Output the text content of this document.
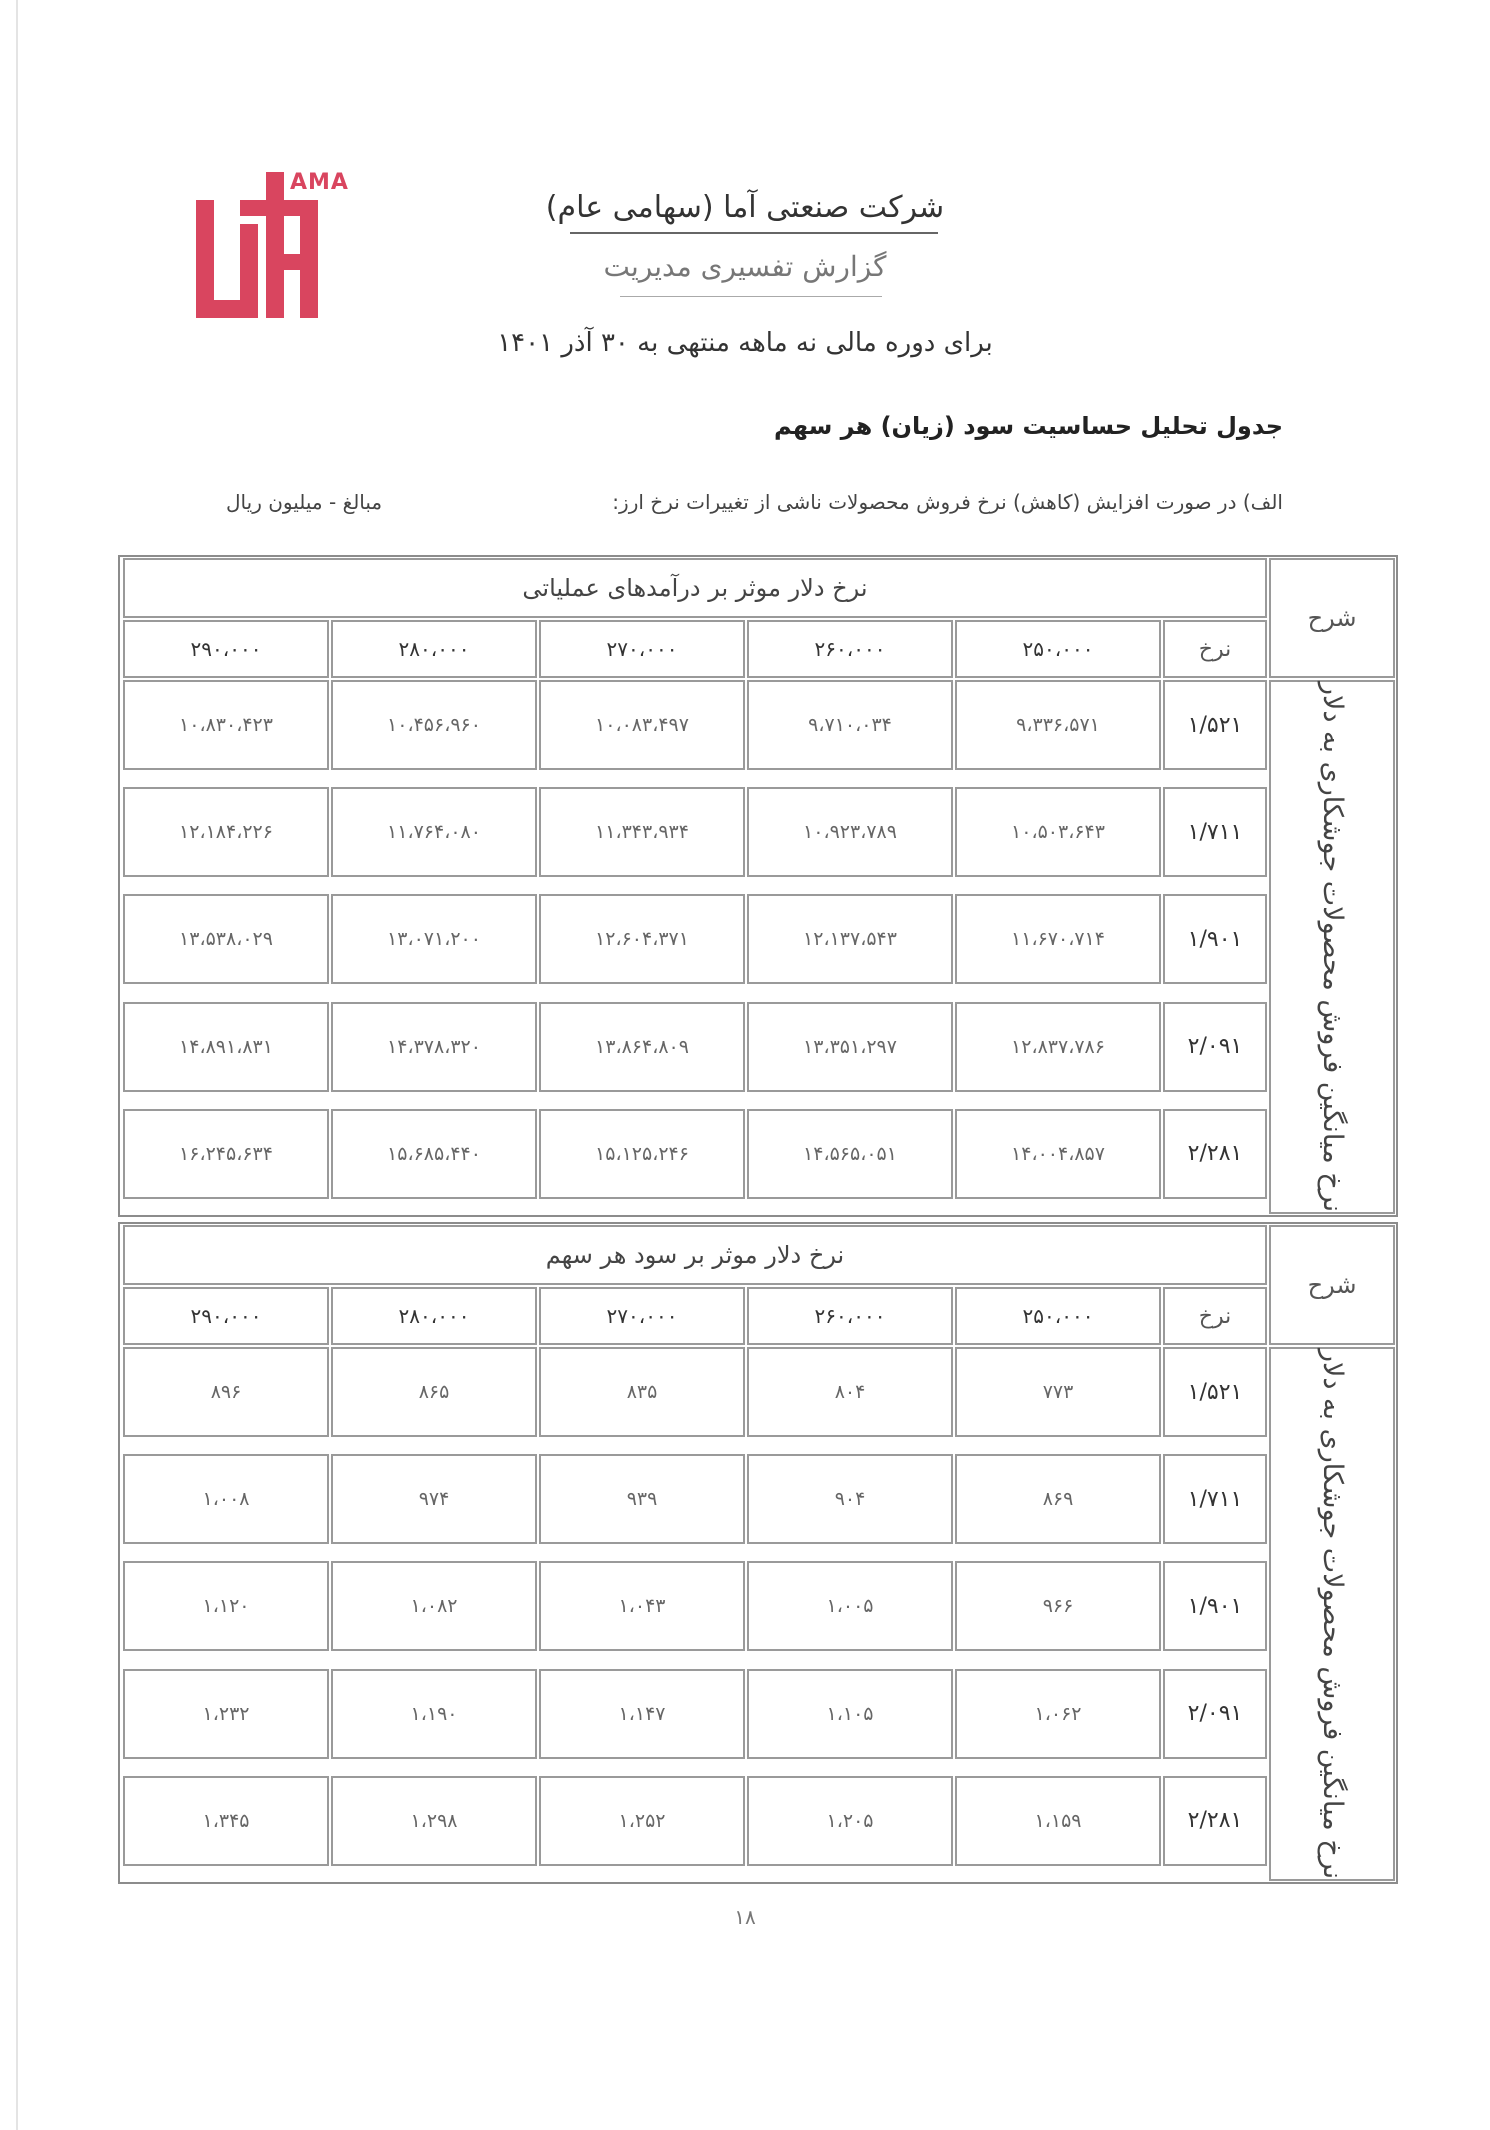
AMA
شرکت صنعتی آما (سهامی عام)
گزارش تفسیری مدیریت
برای دوره مالی نه ماهه منتهی به ۳۰ آذر ۱۴۰۱
جدول تحلیل حساسیت سود (زیان) هر سهم
الف) در صورت افزایش (کاهش) نرخ فروش محصولات ناشی از تغییرات نرخ ارز:
مبالغ - میلیون ریال
شرح
نرخ دلار موثر بر درآمدهای عملیاتی
نرخ
۲۵۰،۰۰۰
۲۶۰،۰۰۰
۲۷۰،۰۰۰
۲۸۰،۰۰۰
۲۹۰،۰۰۰
نرخ میانگین فروش محصولات جوشکاری به دلار
۱/۵۲۱
۹،۳۳۶،۵۷۱
۹،۷۱۰،۰۳۴
۱۰،۰۸۳،۴۹۷
۱۰،۴۵۶،۹۶۰
۱۰،۸۳۰،۴۲۳
۱/۷۱۱
۱۰،۵۰۳،۶۴۳
۱۰،۹۲۳،۷۸۹
۱۱،۳۴۳،۹۳۴
۱۱،۷۶۴،۰۸۰
۱۲،۱۸۴،۲۲۶
۱/۹۰۱
۱۱،۶۷۰،۷۱۴
۱۲،۱۳۷،۵۴۳
۱۲،۶۰۴،۳۷۱
۱۳،۰۷۱،۲۰۰
۱۳،۵۳۸،۰۲۹
۲/۰۹۱
۱۲،۸۳۷،۷۸۶
۱۳،۳۵۱،۲۹۷
۱۳،۸۶۴،۸۰۹
۱۴،۳۷۸،۳۲۰
۱۴،۸۹۱،۸۳۱
۲/۲۸۱
۱۴،۰۰۴،۸۵۷
۱۴،۵۶۵،۰۵۱
۱۵،۱۲۵،۲۴۶
۱۵،۶۸۵،۴۴۰
۱۶،۲۴۵،۶۳۴
شرح
نرخ دلار موثر بر سود هر سهم
نرخ
۲۵۰،۰۰۰
۲۶۰،۰۰۰
۲۷۰،۰۰۰
۲۸۰،۰۰۰
۲۹۰،۰۰۰
نرخ میانگین فروش محصولات جوشکاری به دلار
۱/۵۲۱
۷۷۳
۸۰۴
۸۳۵
۸۶۵
۸۹۶
۱/۷۱۱
۸۶۹
۹۰۴
۹۳۹
۹۷۴
۱،۰۰۸
۱/۹۰۱
۹۶۶
۱،۰۰۵
۱،۰۴۳
۱،۰۸۲
۱،۱۲۰
۲/۰۹۱
۱،۰۶۲
۱،۱۰۵
۱،۱۴۷
۱،۱۹۰
۱،۲۳۲
۲/۲۸۱
۱،۱۵۹
۱،۲۰۵
۱،۲۵۲
۱،۲۹۸
۱،۳۴۵
۱۸
